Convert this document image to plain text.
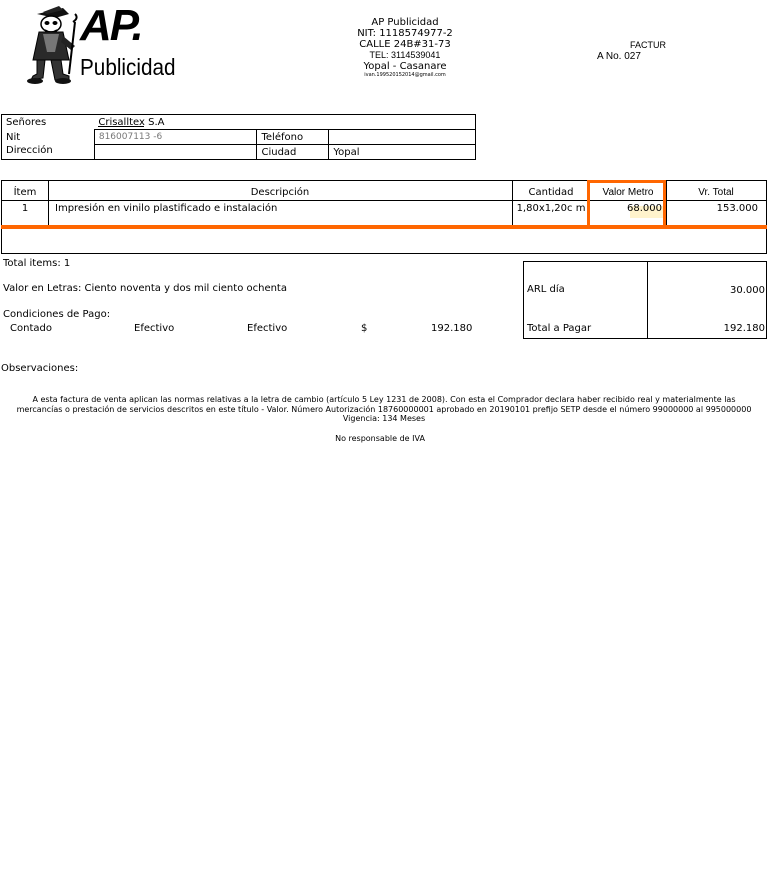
AP.
Publicidad
AP Publicidad
NIT: 1118574977-2
CALLE 24B#31-73
TEL: 3114539041
Yopal - Casanare
ivan.199520152014@gmail.com
FACTUR
A No. 027
Señores	Crisalltex S.A		
Nit	816007113 -6	Teléfono	
Dirección		Ciudad	Yopal
Ítem	Descripción	Cantidad	Valor Metro	Vr. Total
1	Impresión en vinilo plastificado e instalación	1,80x1,20c m	68.000	153.000
Total items: 1
Valor en Letras: Ciento noventa y dos mil ciento ochenta
Condiciones de Pago:
Contado	Efectivo	Efectivo	$	192.180
ARL día	30.000
Total a Pagar	192.180
Observaciones:
A esta factura de venta aplican las normas relativas a la letra de cambio (artículo 5 Ley 1231 de 2008). Con esta el Comprador declara haber recibido real y materialmente las mercancías o prestación de servicios descritos en este título - Valor. Número Autorización 18760000001 aprobado en 20190101 prefijo SETP desde el número 99000000 al 995000000 Vigencia: 134 Meses
No responsable de IVA
